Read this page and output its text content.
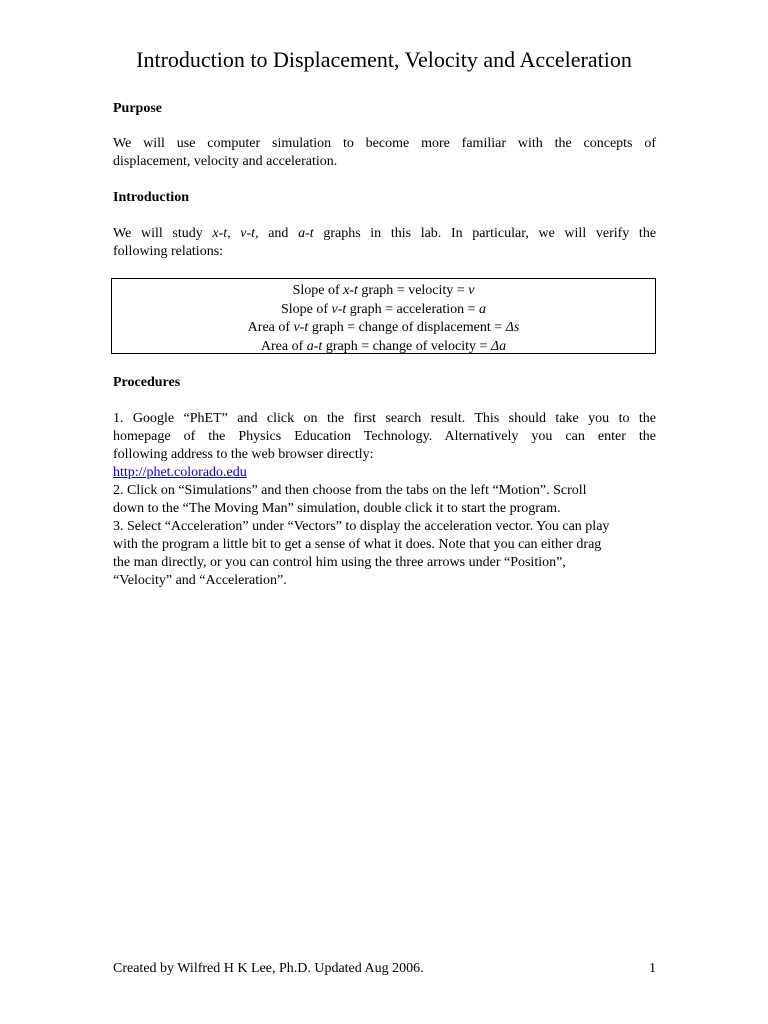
Introduction to Displacement, Velocity and Acceleration
Purpose
We will use computer simulation to become more familiar with the concepts of
displacement, velocity and acceleration.
Introduction
We will study x-t, v-t, and a-t graphs in this lab. In particular, we will verify the
following relations:
Slope of x-t graph = velocity = v
Slope of v-t graph = acceleration = a
Area of v-t graph = change of displacement = Δs
Area of a-t graph = change of velocity = Δa
Procedures
1. Google “PhET” and click on the first search result. This should take you to the
homepage of the Physics Education Technology. Alternatively you can enter the
following address to the web browser directly:
http://phet.colorado.edu
2. Click on “Simulations” and then choose from the tabs on the left “Motion”. Scroll
down to the “The Moving Man” simulation, double click it to start the program.
3. Select “Acceleration” under “Vectors” to display the acceleration vector. You can play
with the program a little bit to get a sense of what it does. Note that you can either drag
the man directly, or you can control him using the three arrows under “Position”,
“Velocity” and “Acceleration”.
Created by Wilfred H K Lee, Ph.D. Updated Aug 2006.	1
